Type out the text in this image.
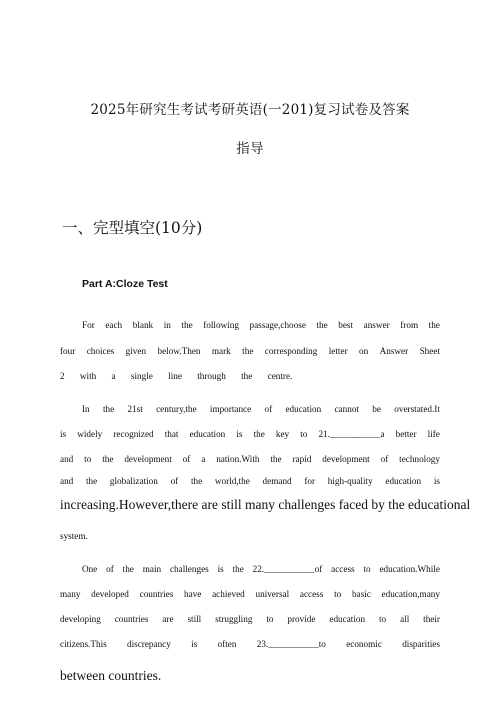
2025年研究生考试考研英语(一201)复习试卷及答案
指导
一、完型填空(10分)
Part A:Cloze Test
For each blank in the following passage,choose the best answer from the
four choices given below.Then mark the corresponding letter on Answer Sheet
2 with a single line through the centre.
In the 21st century,the importance of education cannot be overstated.It
is widely recognized that education is the key to 21.___________a better life
and to the development of a nation.With the rapid development of technology
and the globalization of the world,the demand for high-quality education is
increasing.However,there are still many challenges faced by the educational
system.
One of the main challenges is the 22.___________of access to education.While
many developed countries have achieved universal access to basic education,many
developing countries are still struggling to provide education to all their
citizens.This discrepancy is often 23.___________to economic disparities
between countries.
